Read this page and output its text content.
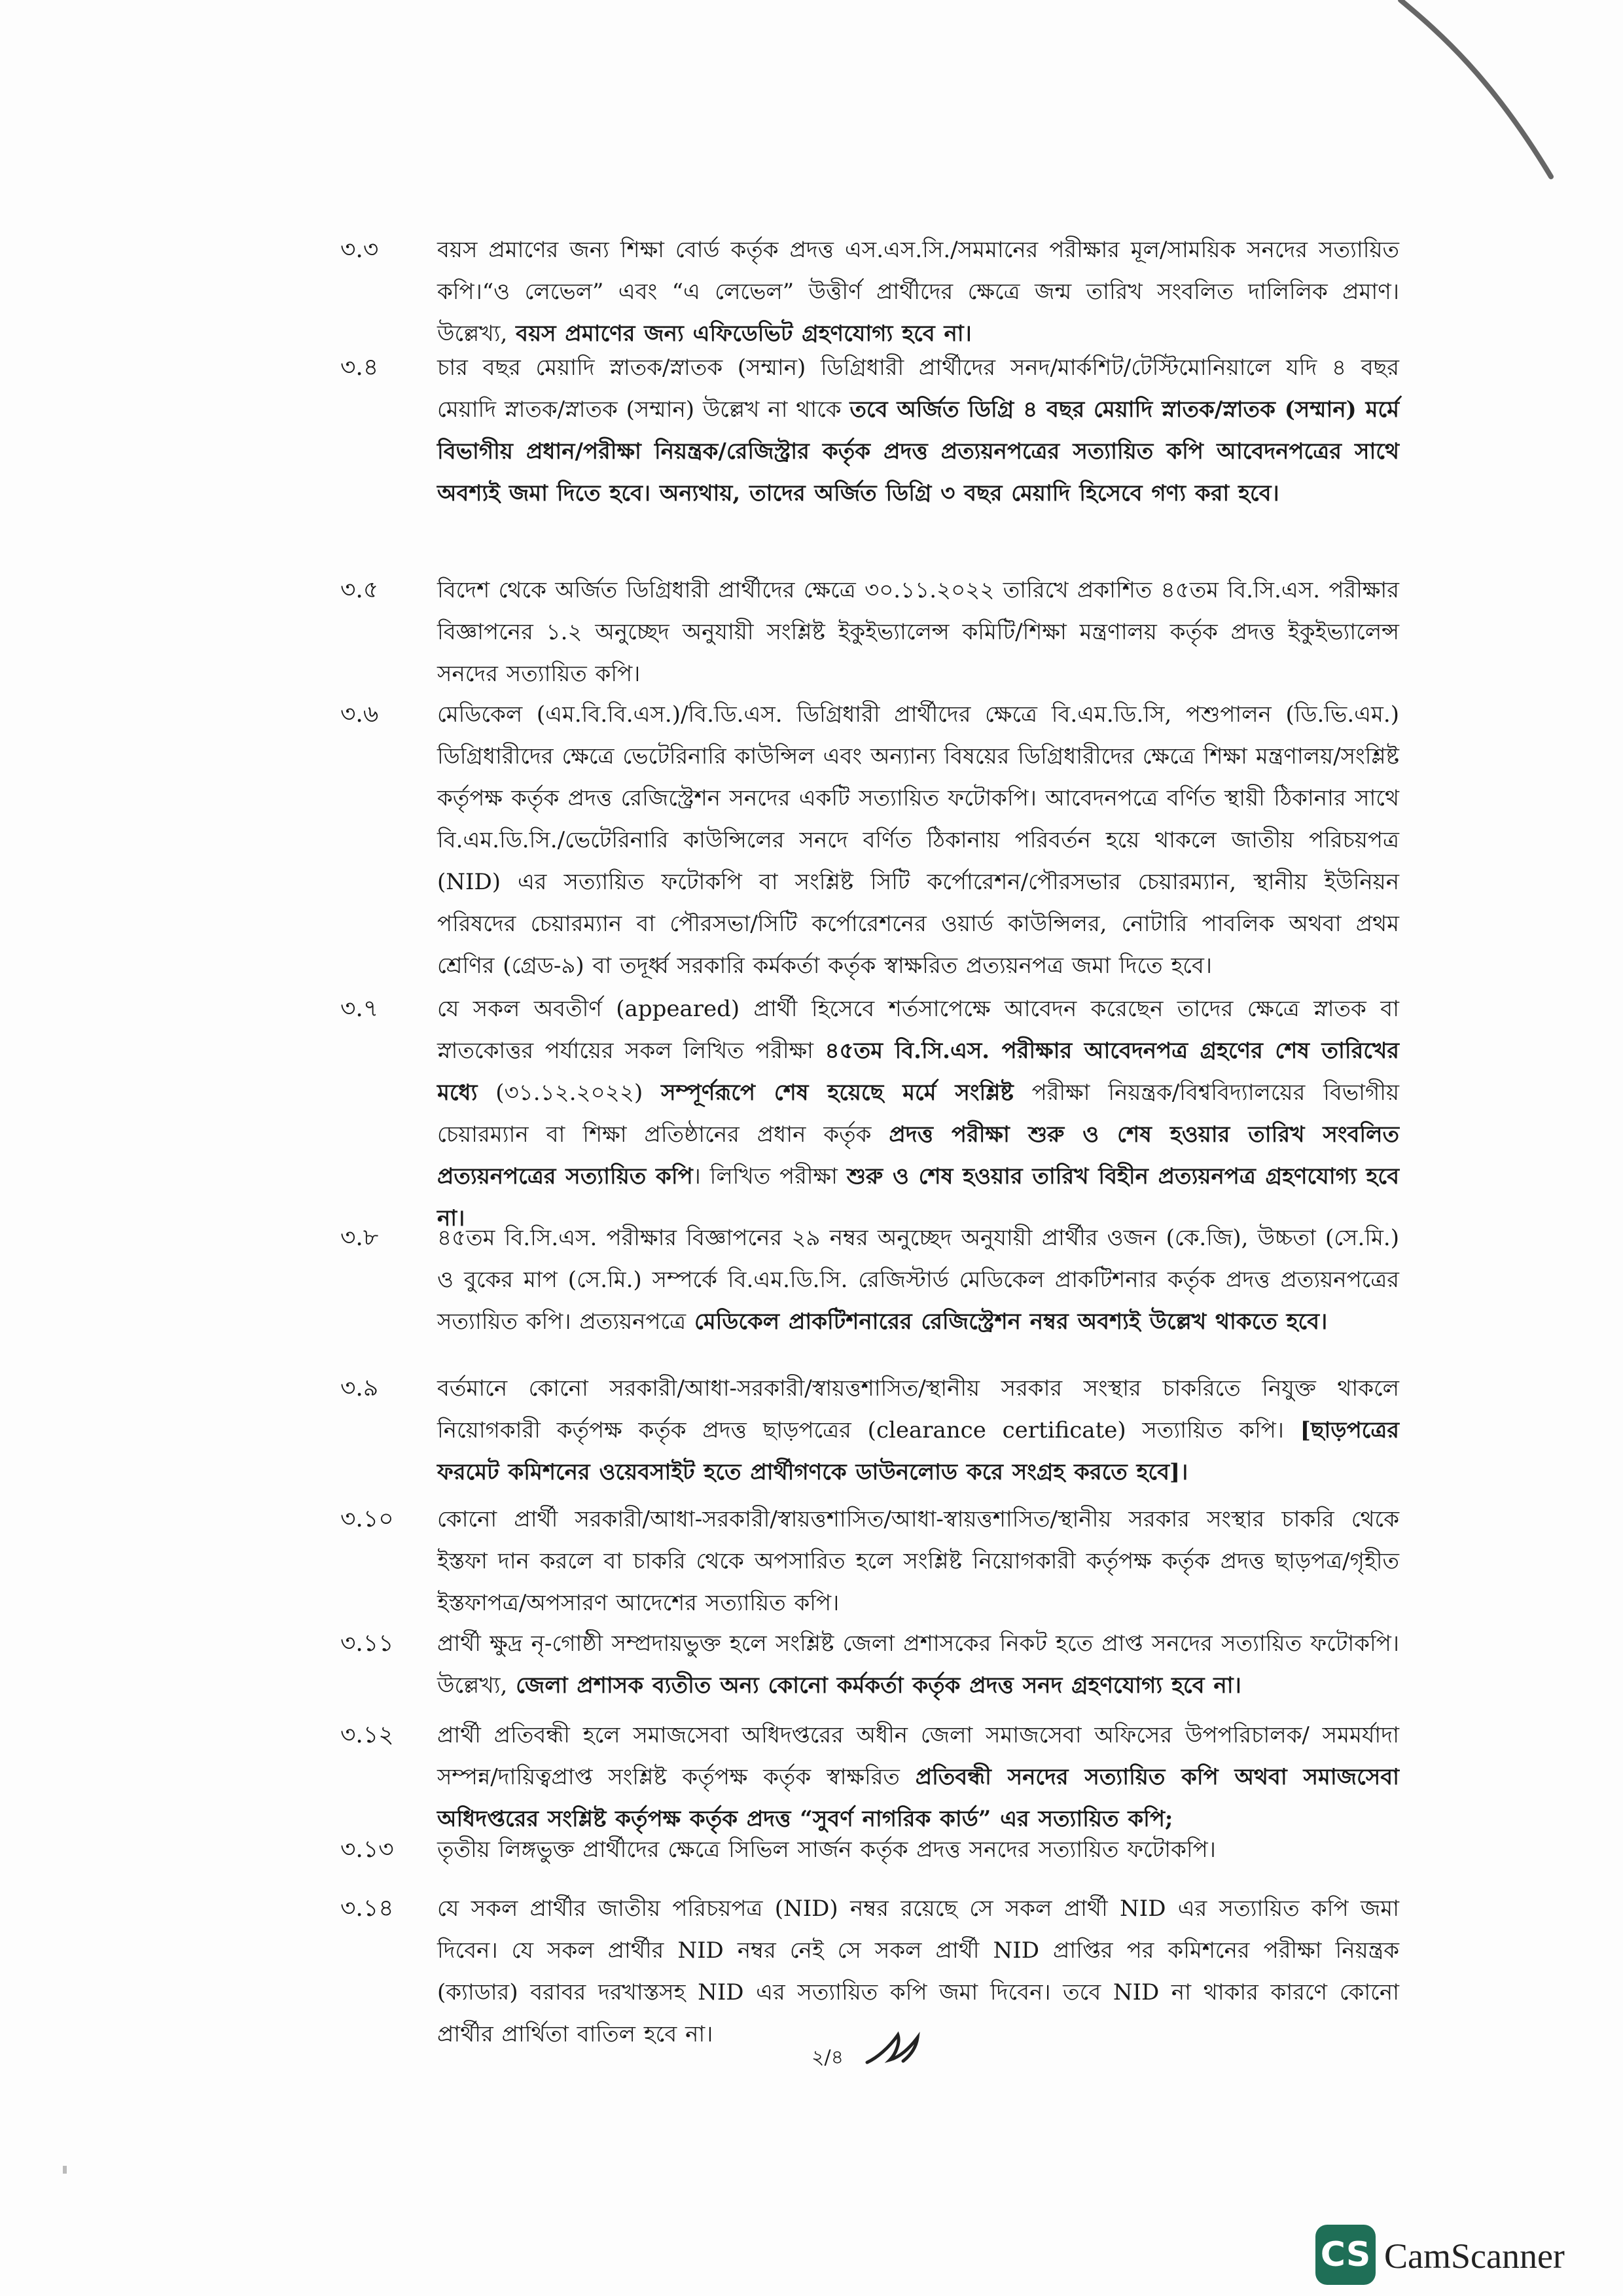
৩.৩	বয়স প্রমাণের জন্য শিক্ষা বোর্ড কর্তৃক প্রদত্ত এস.এস.সি./সমমানের পরীক্ষার মূল/সাময়িক সনদের সত্যায়িত কপি।“ও লেভেল” এবং “এ লেভেল” উত্তীর্ণ প্রার্থীদের ক্ষেত্রে জন্ম তারিখ সংবলিত দালিলিক প্রমাণ। উল্লেখ্য, বয়স প্রমাণের জন্য এফিডেভিট গ্রহণযোগ্য হবে না।
৩.৪	চার বছর মেয়াদি স্নাতক/স্নাতক (সম্মান) ডিগ্রিধারী প্রার্থীদের সনদ/মার্কশিট/টেস্টিমোনিয়ালে যদি ৪ বছর মেয়াদি স্নাতক/স্নাতক (সম্মান) উল্লেখ না থাকে তবে অর্জিত ডিগ্রি ৪ বছর মেয়াদি স্নাতক/স্নাতক (সম্মান) মর্মে বিভাগীয় প্রধান/পরীক্ষা নিয়ন্ত্রক/রেজিস্ট্রার কর্তৃক প্রদত্ত প্রত্যয়নপত্রের সত্যায়িত কপি আবেদনপত্রের সাথে অবশ্যই জমা দিতে হবে। অন্যথায়, তাদের অর্জিত ডিগ্রি ৩ বছর মেয়াদি হিসেবে গণ্য করা হবে।
৩.৫	বিদেশ থেকে অর্জিত ডিগ্রিধারী প্রার্থীদের ক্ষেত্রে ৩০.১১.২০২২ তারিখে প্রকাশিত ৪৫তম বি.সি.এস. পরীক্ষার বিজ্ঞাপনের ১.২ অনুচ্ছেদ অনুযায়ী সংশ্লিষ্ট ইকুইভ্যালেন্স কমিটি/শিক্ষা মন্ত্রণালয় কর্তৃক প্রদত্ত ইকুইভ্যালেন্স সনদের সত্যায়িত কপি।
৩.৬	মেডিকেল (এম.বি.বি.এস.)/বি.ডি.এস. ডিগ্রিধারী প্রার্থীদের ক্ষেত্রে বি.এম.ডি.সি, পশুপালন (ডি.ভি.এম.) ডিগ্রিধারীদের ক্ষেত্রে ভেটেরিনারি কাউন্সিল এবং অন্যান্য বিষয়ের ডিগ্রিধারীদের ক্ষেত্রে শিক্ষা মন্ত্রণালয়/সংশ্লিষ্ট কর্তৃপক্ষ কর্তৃক প্রদত্ত রেজিস্ট্রেশন সনদের একটি সত্যায়িত ফটোকপি। আবেদনপত্রে বর্ণিত স্থায়ী ঠিকানার সাথে বি.এম.ডি.সি./ভেটেরিনারি কাউন্সিলের সনদে বর্ণিত ঠিকানায় পরিবর্তন হয়ে থাকলে জাতীয় পরিচয়পত্র (NID) এর সত্যায়িত ফটোকপি বা সংশ্লিষ্ট সিটি কর্পোরেশন/পৌরসভার চেয়ারম্যান, স্থানীয় ইউনিয়ন পরিষদের চেয়ারম্যান বা পৌরসভা/সিটি কর্পোরেশনের ওয়ার্ড কাউন্সিলর, নোটারি পাবলিক অথবা প্রথম শ্রেণির (গ্রেড-৯) বা তদূর্ধ্ব সরকারি কর্মকর্তা কর্তৃক স্বাক্ষরিত প্রত্যয়নপত্র জমা দিতে হবে।
৩.৭	যে সকল অবতীর্ণ (appeared) প্রার্থী হিসেবে শর্তসাপেক্ষে আবেদন করেছেন তাদের ক্ষেত্রে স্নাতক বা স্নাতকোত্তর পর্যায়ের সকল লিখিত পরীক্ষা ৪৫তম বি.সি.এস. পরীক্ষার আবেদনপত্র গ্রহণের শেষ তারিখের মধ্যে (৩১.১২.২০২২) সম্পূর্ণরূপে শেষ হয়েছে মর্মে সংশ্লিষ্ট পরীক্ষা নিয়ন্ত্রক/বিশ্ববিদ্যালয়ের বিভাগীয় চেয়ারম্যান বা শিক্ষা প্রতিষ্ঠানের প্রধান কর্তৃক প্রদত্ত পরীক্ষা শুরু ও শেষ হওয়ার তারিখ সংবলিত প্রত্যয়নপত্রের সত্যায়িত কপি। লিখিত পরীক্ষা শুরু ও শেষ হওয়ার তারিখ বিহীন প্রত্যয়নপত্র গ্রহণযোগ্য হবে না।
৩.৮	৪৫তম বি.সি.এস. পরীক্ষার বিজ্ঞাপনের ২৯ নম্বর অনুচ্ছেদ অনুযায়ী প্রার্থীর ওজন (কে.জি), উচ্চতা (সে.মি.) ও বুকের মাপ (সে.মি.) সম্পর্কে বি.এম.ডি.সি. রেজিস্টার্ড মেডিকেল প্রাকটিশনার কর্তৃক প্রদত্ত প্রত্যয়নপত্রের সত্যায়িত কপি। প্রত্যয়নপত্রে মেডিকেল প্রাকটিশনারের রেজিস্ট্রেশন নম্বর অবশ্যই উল্লেখ থাকতে হবে।
৩.৯	বর্তমানে কোনো সরকারী/আধা-সরকারী/স্বায়ত্তশাসিত/স্থানীয় সরকার সংস্থার চাকরিতে নিযুক্ত থাকলে নিয়োগকারী কর্তৃপক্ষ কর্তৃক প্রদত্ত ছাড়পত্রের (clearance certificate) সত্যায়িত কপি। [ছাড়পত্রের ফরমেট কমিশনের ওয়েবসাইট হতে প্রার্থীগণকে ডাউনলোড করে সংগ্রহ করতে হবে]।
৩.১০	কোনো প্রার্থী সরকারী/আধা-সরকারী/স্বায়ত্তশাসিত/আধা-স্বায়ত্তশাসিত/স্থানীয় সরকার সংস্থার চাকরি থেকে ইস্তফা দান করলে বা চাকরি থেকে অপসারিত হলে সংশ্লিষ্ট নিয়োগকারী কর্তৃপক্ষ কর্তৃক প্রদত্ত ছাড়পত্র/গৃহীত ইস্তফাপত্র/অপসারণ আদেশের সত্যায়িত কপি।
৩.১১	প্রার্থী ক্ষুদ্র নৃ-গোষ্ঠী সম্প্রদায়ভুক্ত হলে সংশ্লিষ্ট জেলা প্রশাসকের নিকট হতে প্রাপ্ত সনদের সত্যায়িত ফটোকপি। উল্লেখ্য, জেলা প্রশাসক ব্যতীত অন্য কোনো কর্মকর্তা কর্তৃক প্রদত্ত সনদ গ্রহণযোগ্য হবে না।
৩.১২	প্রার্থী প্রতিবন্ধী হলে সমাজসেবা অধিদপ্তরের অধীন জেলা সমাজসেবা অফিসের উপপরিচালক/ সমমর্যাদা সম্পন্ন/দায়িত্বপ্রাপ্ত সংশ্লিষ্ট কর্তৃপক্ষ কর্তৃক স্বাক্ষরিত প্রতিবন্ধী সনদের সত্যায়িত কপি অথবা সমাজসেবা অধিদপ্তরের সংশ্লিষ্ট কর্তৃপক্ষ কর্তৃক প্রদত্ত “সুবর্ণ নাগরিক কার্ড” এর সত্যায়িত কপি;
৩.১৩	তৃতীয় লিঙ্গভুক্ত প্রার্থীদের ক্ষেত্রে সিভিল সার্জন কর্তৃক প্রদত্ত সনদের সত্যায়িত ফটোকপি।
৩.১৪	যে সকল প্রার্থীর জাতীয় পরিচয়পত্র (NID) নম্বর রয়েছে সে সকল প্রার্থী NID এর সত্যায়িত কপি জমা দিবেন। যে সকল প্রার্থীর NID নম্বর নেই সে সকল প্রার্থী NID প্রাপ্তির পর কমিশনের পরীক্ষা নিয়ন্ত্রক (ক্যাডার) বরাবর দরখাস্তসহ NID এর সত্যায়িত কপি জমা দিবেন। তবে NID না থাকার কারণে কোনো প্রার্থীর প্রার্থিতা বাতিল হবে না।
২/৪
CS CamScanner
